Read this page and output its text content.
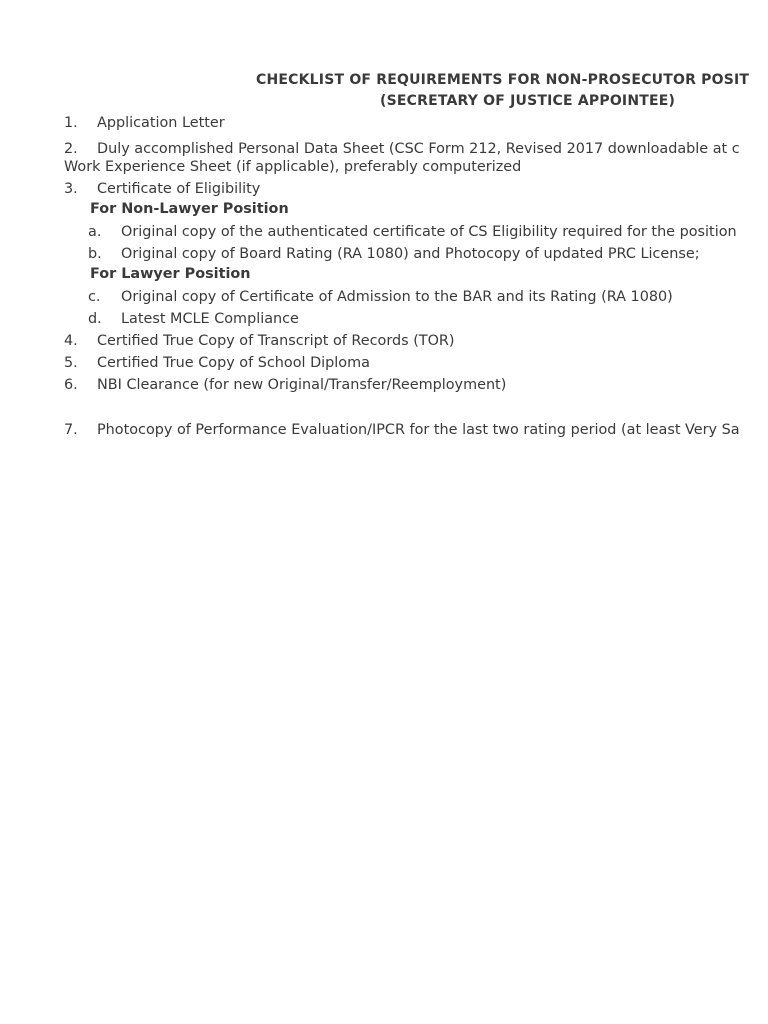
CHECKLIST OF REQUIREMENTS FOR NON-PROSECUTOR POSIT
(SECRETARY OF JUSTICE APPOINTEE)
1. Application Letter
2. Duly accomplished Personal Data Sheet (CSC Form 212, Revised 2017 downloadable at c
Work Experience Sheet (if applicable), preferably computerized
3. Certificate of Eligibility
For Non-Lawyer Position
a. Original copy of the authenticated certificate of CS Eligibility required for the position
b. Original copy of Board Rating (RA 1080) and Photocopy of updated PRC License;
For Lawyer Position
c. Original copy of Certificate of Admission to the BAR and its Rating (RA 1080)
d. Latest MCLE Compliance
4. Certified True Copy of Transcript of Records (TOR)
5. Certified True Copy of School Diploma
6. NBI Clearance (for new Original/Transfer/Reemployment)
7. Photocopy of Performance Evaluation/IPCR for the last two rating period (at least Very Sa
